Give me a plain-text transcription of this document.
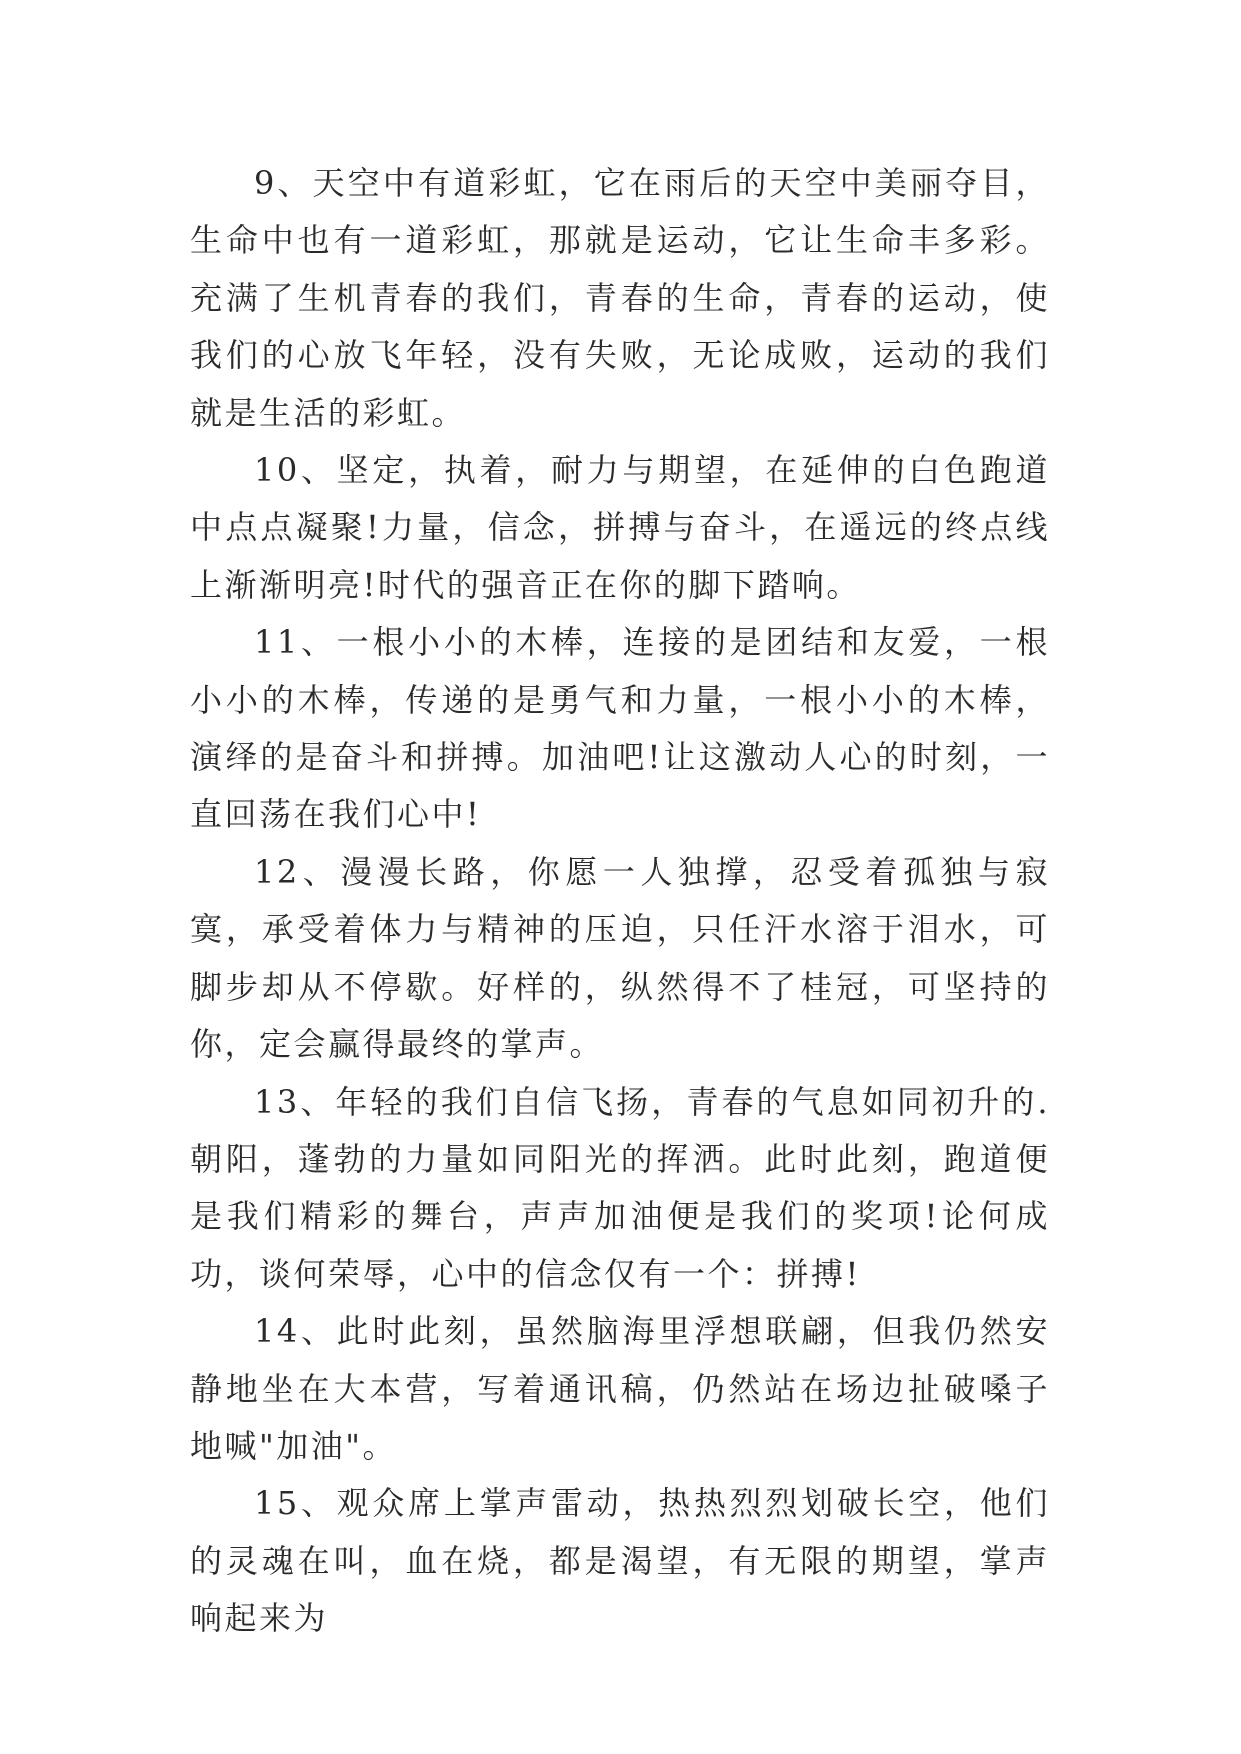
9、天空中有道彩虹，它在雨后的天空中美丽夺目，生命中也有一道彩虹，那就是运动，它让生命丰多彩。充满了生机青春的我们，青春的生命，青春的运动，使我们的心放飞年轻，没有失败，无论成败，运动的我们就是生活的彩虹。

10、坚定，执着，耐力与期望，在延伸的白色跑道中点点凝聚!力量，信念，拼搏与奋斗，在遥远的终点线上渐渐明亮!时代的强音正在你的脚下踏响。

11、一根小小的木棒，连接的是团结和友爱，一根小小的木棒，传递的是勇气和力量，一根小小的木棒，演绎的是奋斗和拼搏。加油吧!让这激动人心的时刻，一直回荡在我们心中!

12、漫漫长路，你愿一人独撑，忍受着孤独与寂寞，承受着体力与精神的压迫，只任汗水溶于泪水，可脚步却从不停歇。好样的，纵然得不了桂冠，可坚持的你，定会赢得最终的掌声。

13、年轻的我们自信飞扬，青春的气息如同初升的.朝阳，蓬勃的力量如同阳光的挥洒。此时此刻，跑道便是我们精彩的舞台，声声加油便是我们的奖项!论何成功，谈何荣辱，心中的信念仅有一个：拼搏!

14、此时此刻，虽然脑海里浮想联翩，但我仍然安静地坐在大本营，写着通讯稿，仍然站在场边扯破嗓子地喊"加油"。

15、观众席上掌声雷动，热热烈烈划破长空，他们的灵魂在叫，血在烧，都是渴望，有无限的期望，掌声响起来为
